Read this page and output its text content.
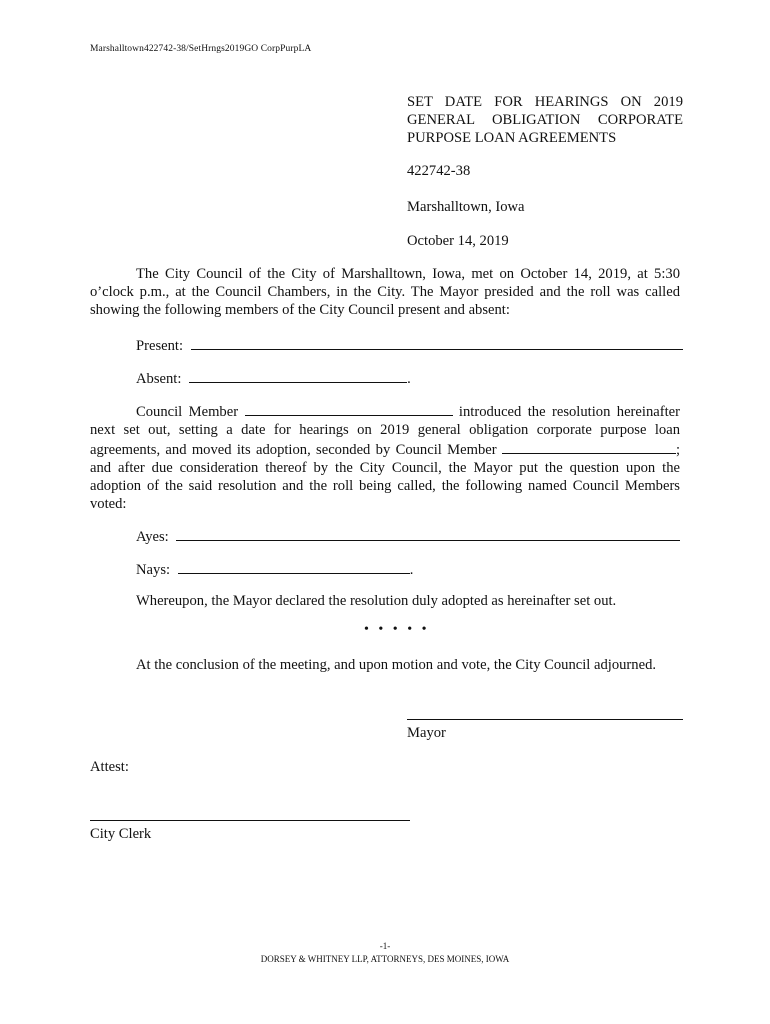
Marshalltown422742-38/SetHrngs2019GO CorpPurpLA
SET DATE FOR HEARINGS ON 2019
GENERAL OBLIGATION CORPORATE
PURPOSE LOAN AGREEMENTS
422742-38
Marshalltown, Iowa
October 14, 2019
The City Council of the City of Marshalltown, Iowa, met on October 14, 2019, at 5:30 o’clock p.m., at the Council Chambers, in the City. The Mayor presided and the roll was called showing the following members of the City Council present and absent:
Present:
Absent:	.
Council Member	introduced the resolution hereinafter next set out, setting a date for hearings on 2019 general obligation corporate purpose loan agreements, and moved its adoption, seconded by Council Member	; and after due consideration thereof by the City Council, the Mayor put the question upon the adoption of the said resolution and the roll being called, the following named Council Members voted:
Ayes:
Nays:	.
Whereupon, the Mayor declared the resolution duly adopted as hereinafter set out.
• • • • •
At the conclusion of the meeting, and upon motion and vote, the City Council adjourned.
Mayor
Attest:
City Clerk
-1-
DORSEY & WHITNEY LLP, ATTORNEYS, DES MOINES, IOWA
